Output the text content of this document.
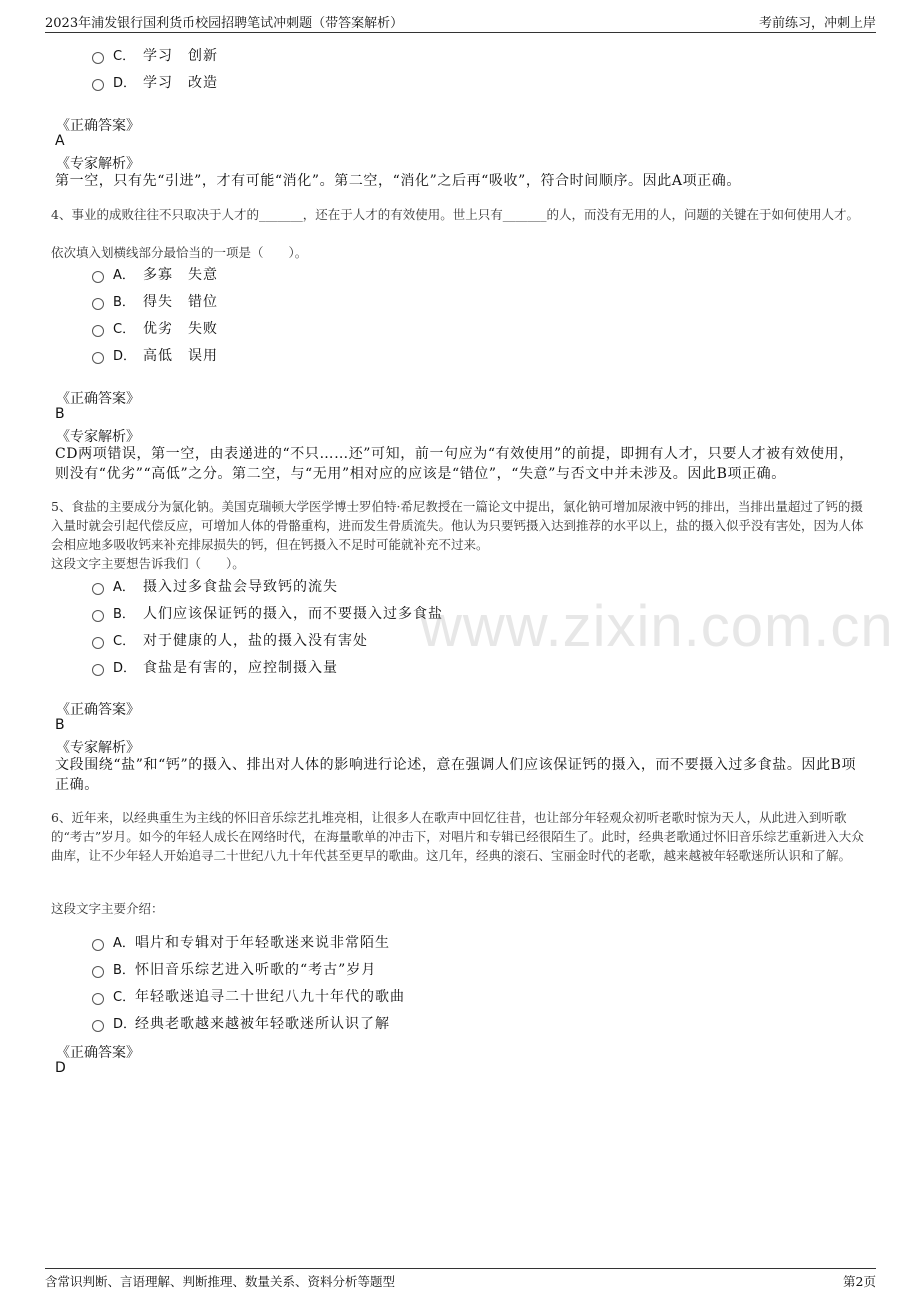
2023年浦发银行国利货币校园招聘笔试冲刺题（带答案解析）	考前练习，冲刺上岸
www.zixin.com.cn
C． 学习　创新
D． 学习　改造
《正确答案》
A
《专家解析》
第一空，只有先“引进”，才有可能“消化”。第二空，“消化”之后再“吸收”，符合时间顺序。因此A项正确。
4、事业的成败往往不只取决于人才的_______，还在于人才的有效使用。世上只有_______的人，而没有无用的人，问题的关键在于如何使用人才。
依次填入划横线部分最恰当的一项是（　　）。
A． 多寡　失意
B． 得失　错位
C． 优劣　失败
D． 高低　误用
《正确答案》
B
《专家解析》
CD两项错误，第一空，由表递进的“不只……还”可知，前一句应为“有效使用”的前提，即拥有人才，只要人才被有效使用，则没有“优劣”“高低”之分。第二空，与“无用”相对应的应该是“错位”，“失意”与否文中并未涉及。因此B项正确。
5、食盐的主要成分为氯化钠。美国克瑞顿大学医学博士罗伯特·希尼教授在一篇论文中提出，氯化钠可增加尿液中钙的排出，当排出量超过了钙的摄入量时就会引起代偿反应，可增加人体的骨骼重构，进而发生骨质流失。他认为只要钙摄入达到推荐的水平以上，盐的摄入似乎没有害处，因为人体会相应地多吸收钙来补充排尿损失的钙，但在钙摄入不足时可能就补充不过来。
这段文字主要想告诉我们（　　）。
A． 摄入过多食盐会导致钙的流失
B． 人们应该保证钙的摄入，而不要摄入过多食盐
C． 对于健康的人，盐的摄入没有害处
D． 食盐是有害的，应控制摄入量
《正确答案》
B
《专家解析》
文段围绕“盐”和“钙”的摄入、排出对人体的影响进行论述，意在强调人们应该保证钙的摄入，而不要摄入过多食盐。因此B项正确。
6、近年来，以经典重生为主线的怀旧音乐综艺扎堆亮相，让很多人在歌声中回忆往昔，也让部分年轻观众初听老歌时惊为天人，从此进入到听歌的“考古”岁月。如今的年轻人成长在网络时代，在海量歌单的冲击下，对唱片和专辑已经很陌生了。此时，经典老歌通过怀旧音乐综艺重新进入大众曲库，让不少年轻人开始追寻二十世纪八九十年代甚至更早的歌曲。这几年，经典的滚石、宝丽金时代的老歌，越来越被年轻歌迷所认识和了解。
这段文字主要介绍：
A．唱片和专辑对于年轻歌迷来说非常陌生
B．怀旧音乐综艺进入听歌的“考古”岁月
C．年轻歌迷追寻二十世纪八九十年代的歌曲
D．经典老歌越来越被年轻歌迷所认识了解
《正确答案》
D
含常识判断、言语理解、判断推理、数量关系、资料分析等题型	第2页
